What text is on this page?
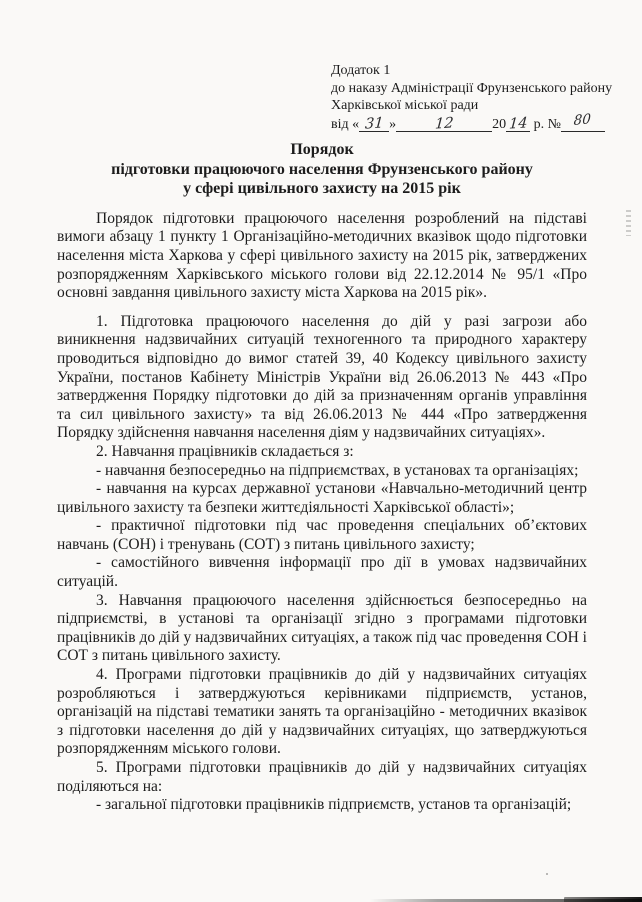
Додаток 1
до наказу Адміністрації Фрунзенського району
Харківської міської ради
від « 31 »	12	20 14 р. № 80
Порядок
підготовки працюючого населення Фрунзенського району
у сфері цивільного захисту на 2015 рік

Порядок підготовки працюючого населення розроблений на підставі вимоги абзацу 1 пункту 1 Організаційно-методичних вказівок щодо підготовки населення міста Харкова у сфері цивільного захисту на 2015 рік, затверджених розпорядженням Харківського міського голови від 22.12.2014 № 95/1 «Про основні завдання цивільного захисту міста Харкова на 2015 рік».

1. Підготовка працюючого населення до дій у разі загрози або виникнення надзвичайних ситуацій техногенного та природного характеру проводиться відповідно до вимог статей 39, 40 Кодексу цивільного захисту України, постанов Кабінету Міністрів України від 26.06.2013 № 443 «Про затвердження Порядку підготовки до дій за призначенням органів управління та сил цивільного захисту» та від 26.06.2013 № 444 «Про затвердження Порядку здійснення навчання населення діям у надзвичайних ситуаціях».

2. Навчання працівників складається з:

- навчання безпосередньо на підприємствах, в установах та організаціях;

- навчання на курсах державної установи «Навчально-методичний центр цивільного захисту та безпеки життєдіяльності Харківської області»;

- практичної підготовки під час проведення спеціальних об’єктових навчань (СОН) і тренувань (СОТ) з питань цивільного захисту;

- самостійного вивчення інформації про дії в умовах надзвичайних ситуацій.

3. Навчання працюючого населення здійснюється безпосередньо на підприємстві, в установі та організації згідно з програмами підготовки працівників до дій у надзвичайних ситуаціях, а також під час проведення СОН і СОТ з питань цивільного захисту.

4. Програми підготовки працівників до дій у надзвичайних ситуаціях розробляються і затверджуються керівниками підприємств, установ, організацій на підставі тематики занять та організаційно - методичних вказівок з підготовки населення до дій у надзвичайних ситуаціях, що затверджуються розпорядженням міського голови.

5. Програми підготовки працівників до дій у надзвичайних ситуаціях поділяються на:

- загальної підготовки працівників підприємств, установ та організацій;
